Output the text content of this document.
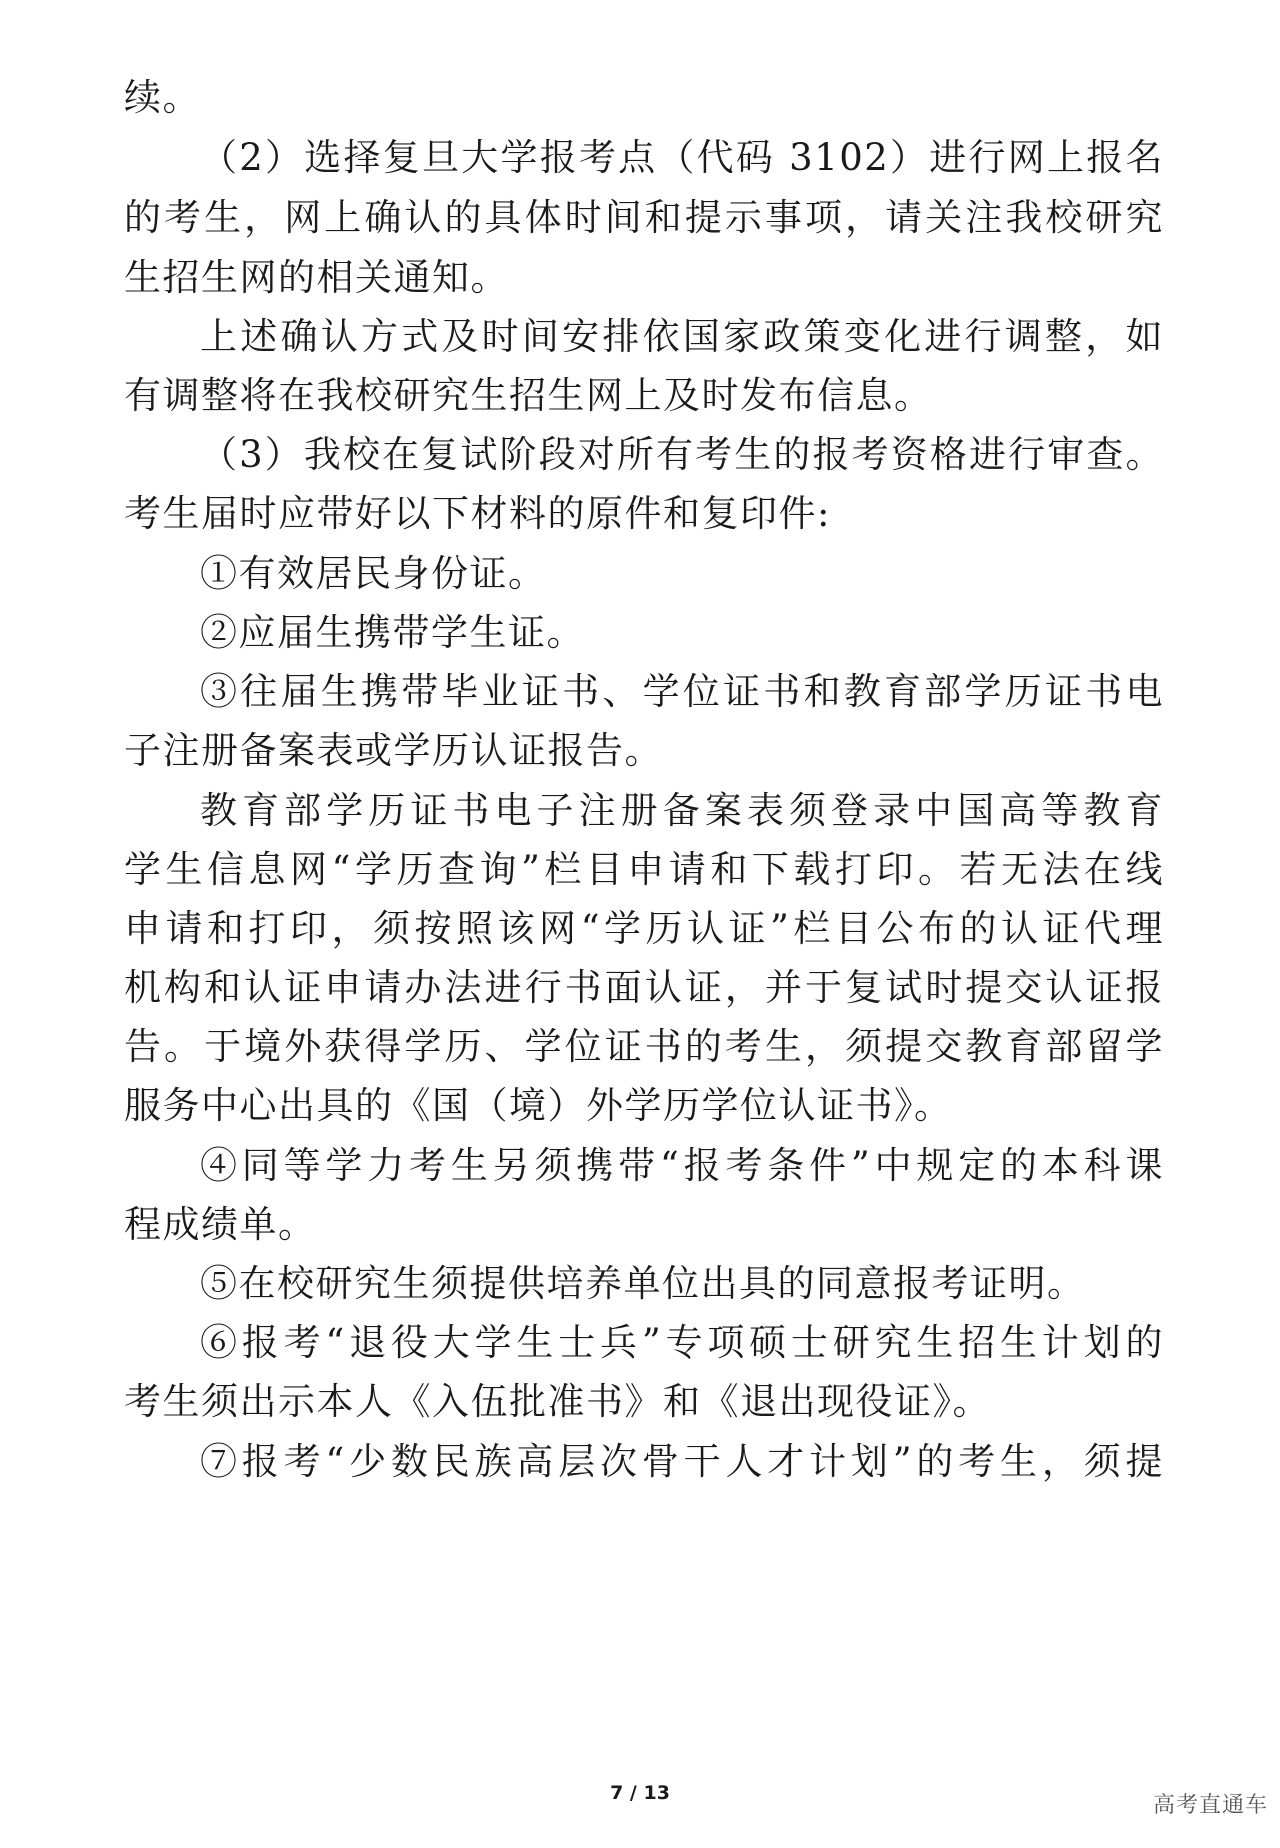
续。
（2）选择复旦大学报考点（代码 3102）进行网上报名
的考生，网上确认的具体时间和提示事项，请关注我校研究
生招生网的相关通知。
上述确认方式及时间安排依国家政策变化进行调整，如
有调整将在我校研究生招生网上及时发布信息。
（3）我校在复试阶段对所有考生的报考资格进行审查。
考生届时应带好以下材料的原件和复印件:
①有效居民身份证。
②应届生携带学生证。
③往届生携带毕业证书、学位证书和教育部学历证书电
子注册备案表或学历认证报告。
教育部学历证书电子注册备案表须登录中国高等教育
学生信息网“学历查询”栏目申请和下载打印。若无法在线
申请和打印，须按照该网“学历认证”栏目公布的认证代理
机构和认证申请办法进行书面认证，并于复试时提交认证报
告。于境外获得学历、学位证书的考生，须提交教育部留学
服务中心出具的《国（境）外学历学位认证书》。
④同等学力考生另须携带“报考条件”中规定的本科课
程成绩单。
⑤在校研究生须提供培养单位出具的同意报考证明。
⑥报考“退役大学生士兵”专项硕士研究生招生计划的
考生须出示本人《入伍批准书》和《退出现役证》。
⑦报考“少数民族高层次骨干人才计划”的考生，须提
7 / 13	高考直通车
